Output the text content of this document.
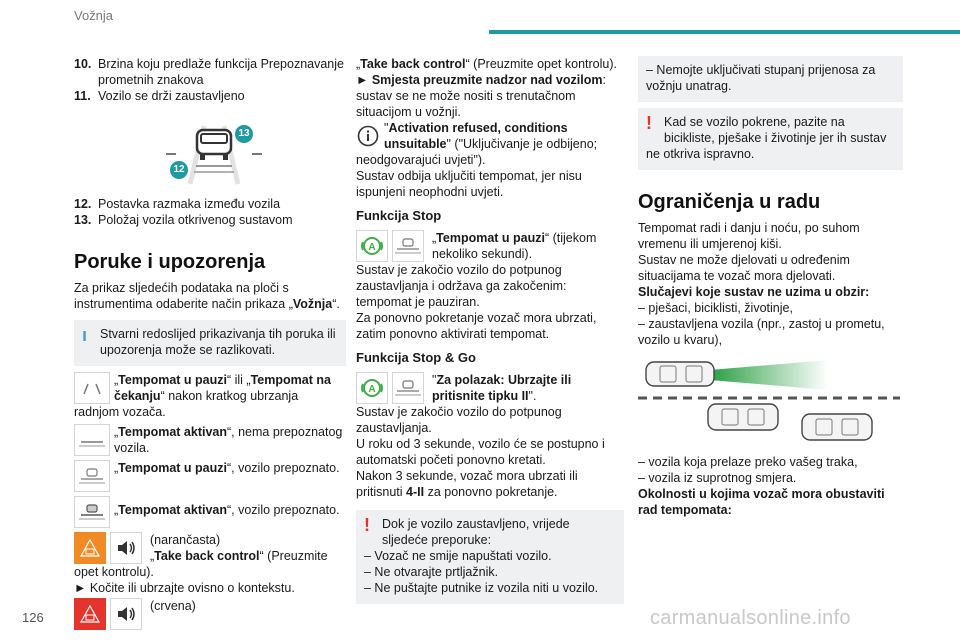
Vožnja
10. Brzina koju predlaže funkcija Prepoznavanje prometnih znakova
11. Vozilo se drži zaustavljeno
13
12
12. Postavka razmaka između vozila
13. Položaj vozila otkrivenog sustavom
Poruke i upozorenja

Za prikaz sljedećih podataka na ploči s instrumentima odaberite način prikaza „Vožnja“.

ı	Stvarni redoslijed prikazivanja tih poruka ili upozorenja može se razlikovati.

„Tempomat u pauzi“ ili „Tempomat na čekanju“ nakon kratkog ubrzanja radnjom vozača.

„Tempomat aktivan“, nema prepoznatog vozila.

„Tempomat u pauzi“, vozilo prepoznato.

„Tempomat aktivan“, vozilo prepoznato.

(narančasta)

„Take back control“ (Preuzmite opet kontrolu).

► Kočite ili ubrzajte ovisno o kontekstu.

(crvena)

„Take back control“ (Preuzmite opet kontrolu).

► Smjesta preuzmite nadzor nad vozilom: sustav se ne može nositi s trenutačnom situacijom u vožnji.

"Activation refused, conditions unsuitable" ("Uključivanje je odbijeno; neodgovarajući uvjeti").

Sustav odbija uključiti tempomat, jer nisu ispunjeni neophodni uvjeti.

Funkcija Stop
A

„Tempomat u pauzi“ (tijekom nekoliko sekundi).

Sustav je zakočio vozilo do potpunog zaustavljanja i održava ga zakočenim: tempomat je pauziran.

Za ponovno pokretanje vozač mora ubrzati, zatim ponovno aktivirati tempomat.

Funkcija Stop & Go
A

"Za polazak: Ubrzajte ili pritisnite tipku II".

Sustav je zakočio vozilo do potpunog zaustavljanja.

U roku od 3 sekunde, vozilo će se postupno i automatski početi ponovno kretati.

Nakon 3 sekunde, vozač mora ubrzati ili pritisnuti 4-II za ponovno pokretanje.

! Dok je vozilo zaustavljeno, vrijede sljedeće preporuke:

– Vozač ne smije napuštati vozilo.

– Ne otvarajte prtljažnik.

– Ne puštajte putnike iz vozila niti u vozilo.

– Nemojte uključivati stupanj prijenosa za vožnju unatrag.

! Kad se vozilo pokrene, pazite na bicikliste, pješake i životinje jer ih sustav ne otkriva ispravno.

Ograničenja u radu

Tempomat radi i danju i noću, po suhom vremenu ili umjerenoj kiši.

Sustav ne može djelovati u određenim situacijama te vozač mora djelovati.

Slučajevi koje sustav ne uzima u obzir:

– pješaci, biciklisti, životinje,

– zaustavljena vozila (npr., zastoj u prometu, vozilo u kvaru),

– vozila koja prelaze preko vašeg traka,

– vozila iz suprotnog smjera.

Okolnosti u kojima vozač mora obustaviti rad tempomata:

126	carmanualsonline.info
